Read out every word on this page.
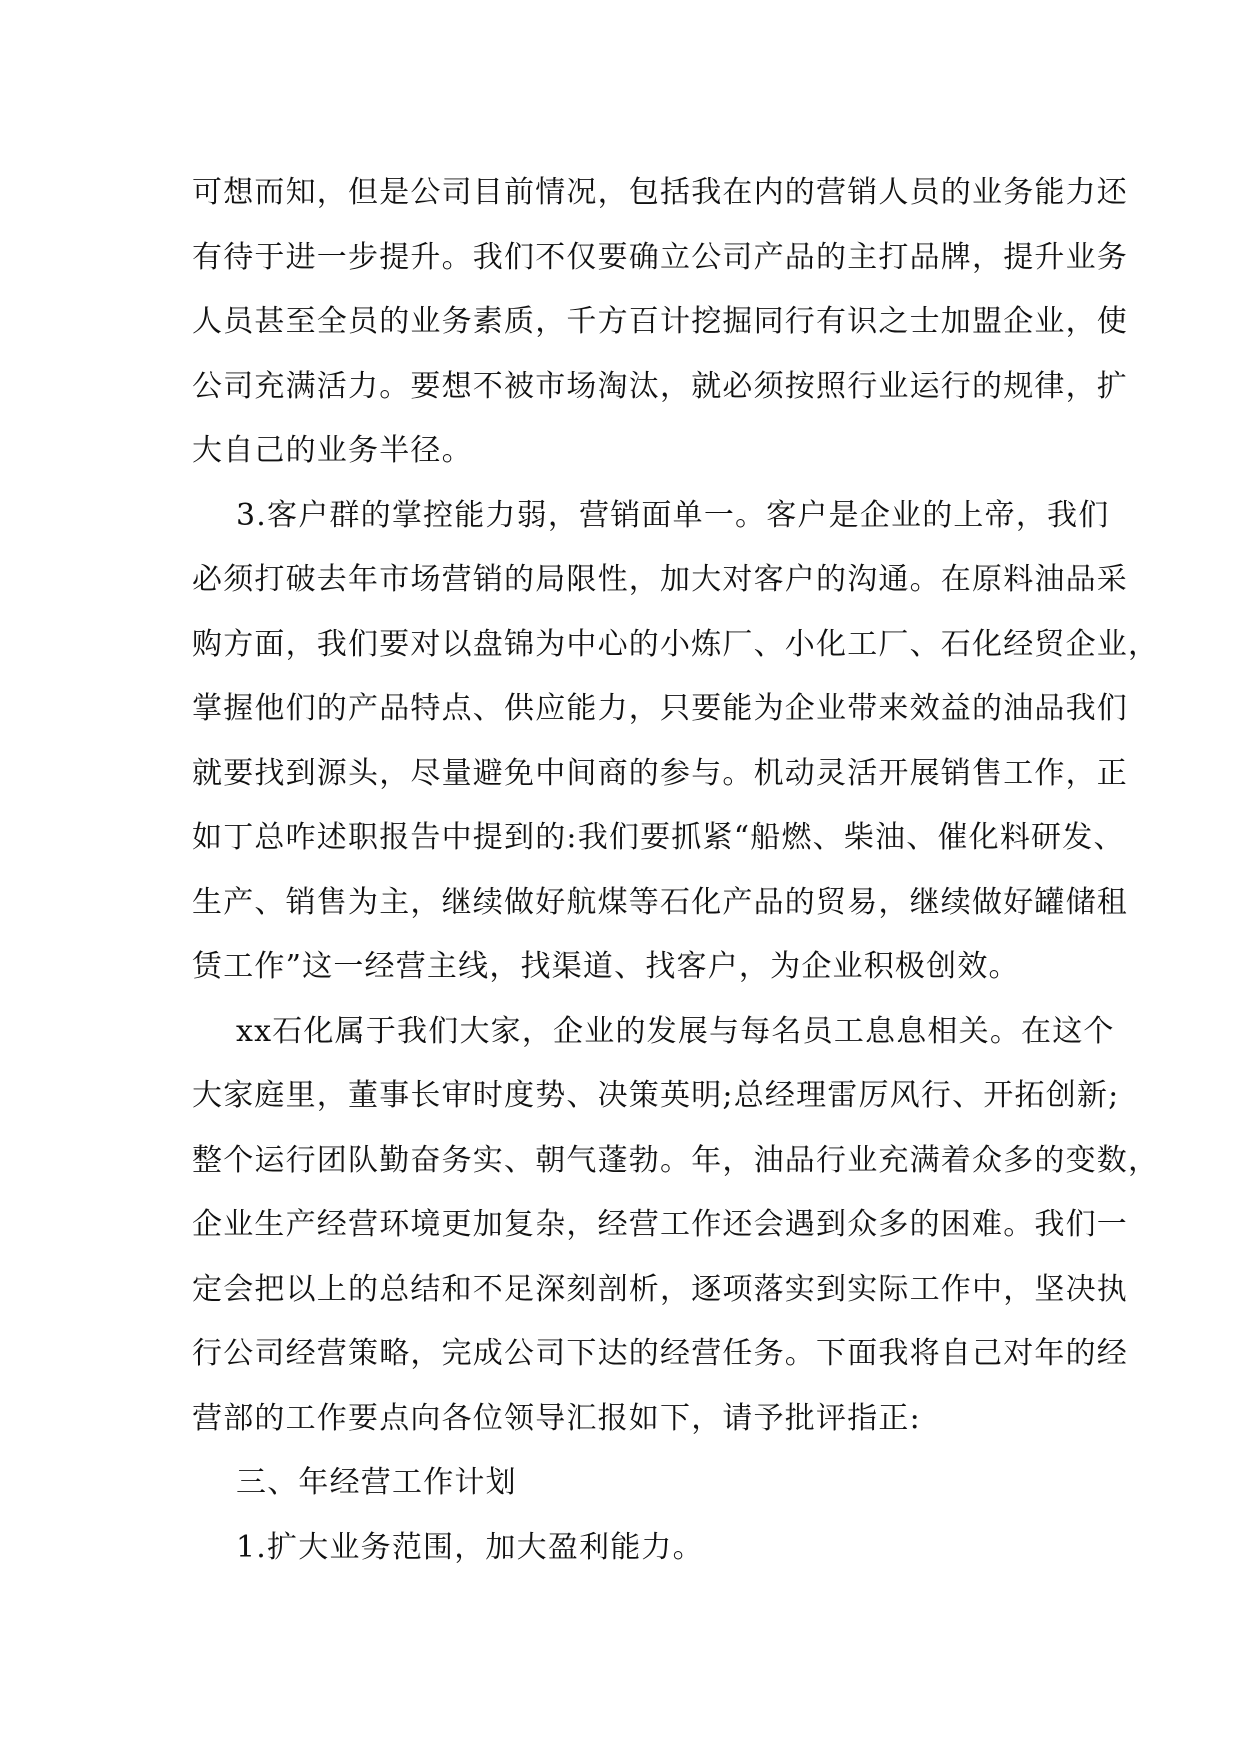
可想而知，但是公司目前情况，包括我在内的营销人员的业务能力还
有待于进一步提升。我们不仅要确立公司产品的主打品牌，提升业务
人员甚至全员的业务素质，千方百计挖掘同行有识之士加盟企业，使
公司充满活力。要想不被市场淘汰，就必须按照行业运行的规律，扩
大自己的业务半径。
3.客户群的掌控能力弱，营销面单一。客户是企业的上帝，我们
必须打破去年市场营销的局限性，加大对客户的沟通。在原料油品采
购方面，我们要对以盘锦为中心的小炼厂、小化工厂、石化经贸企业，
掌握他们的产品特点、供应能力，只要能为企业带来效益的油品我们
就要找到源头，尽量避免中间商的参与。机动灵活开展销售工作，正
如丁总咋述职报告中提到的:我们要抓紧“船燃、柴油、催化料研发、
生产、销售为主，继续做好航煤等石化产品的贸易，继续做好罐储租
赁工作”这一经营主线，找渠道、找客户，为企业积极创效。
xx石化属于我们大家，企业的发展与每名员工息息相关。在这个
大家庭里，董事长审时度势、决策英明;总经理雷厉风行、开拓创新;
整个运行团队勤奋务实、朝气蓬勃。年，油品行业充满着众多的变数，
企业生产经营环境更加复杂，经营工作还会遇到众多的困难。我们一
定会把以上的总结和不足深刻剖析，逐项落实到实际工作中，坚决执
行公司经营策略，完成公司下达的经营任务。下面我将自己对年的经
营部的工作要点向各位领导汇报如下，请予批评指正:
三、年经营工作计划
1.扩大业务范围，加大盈利能力。
